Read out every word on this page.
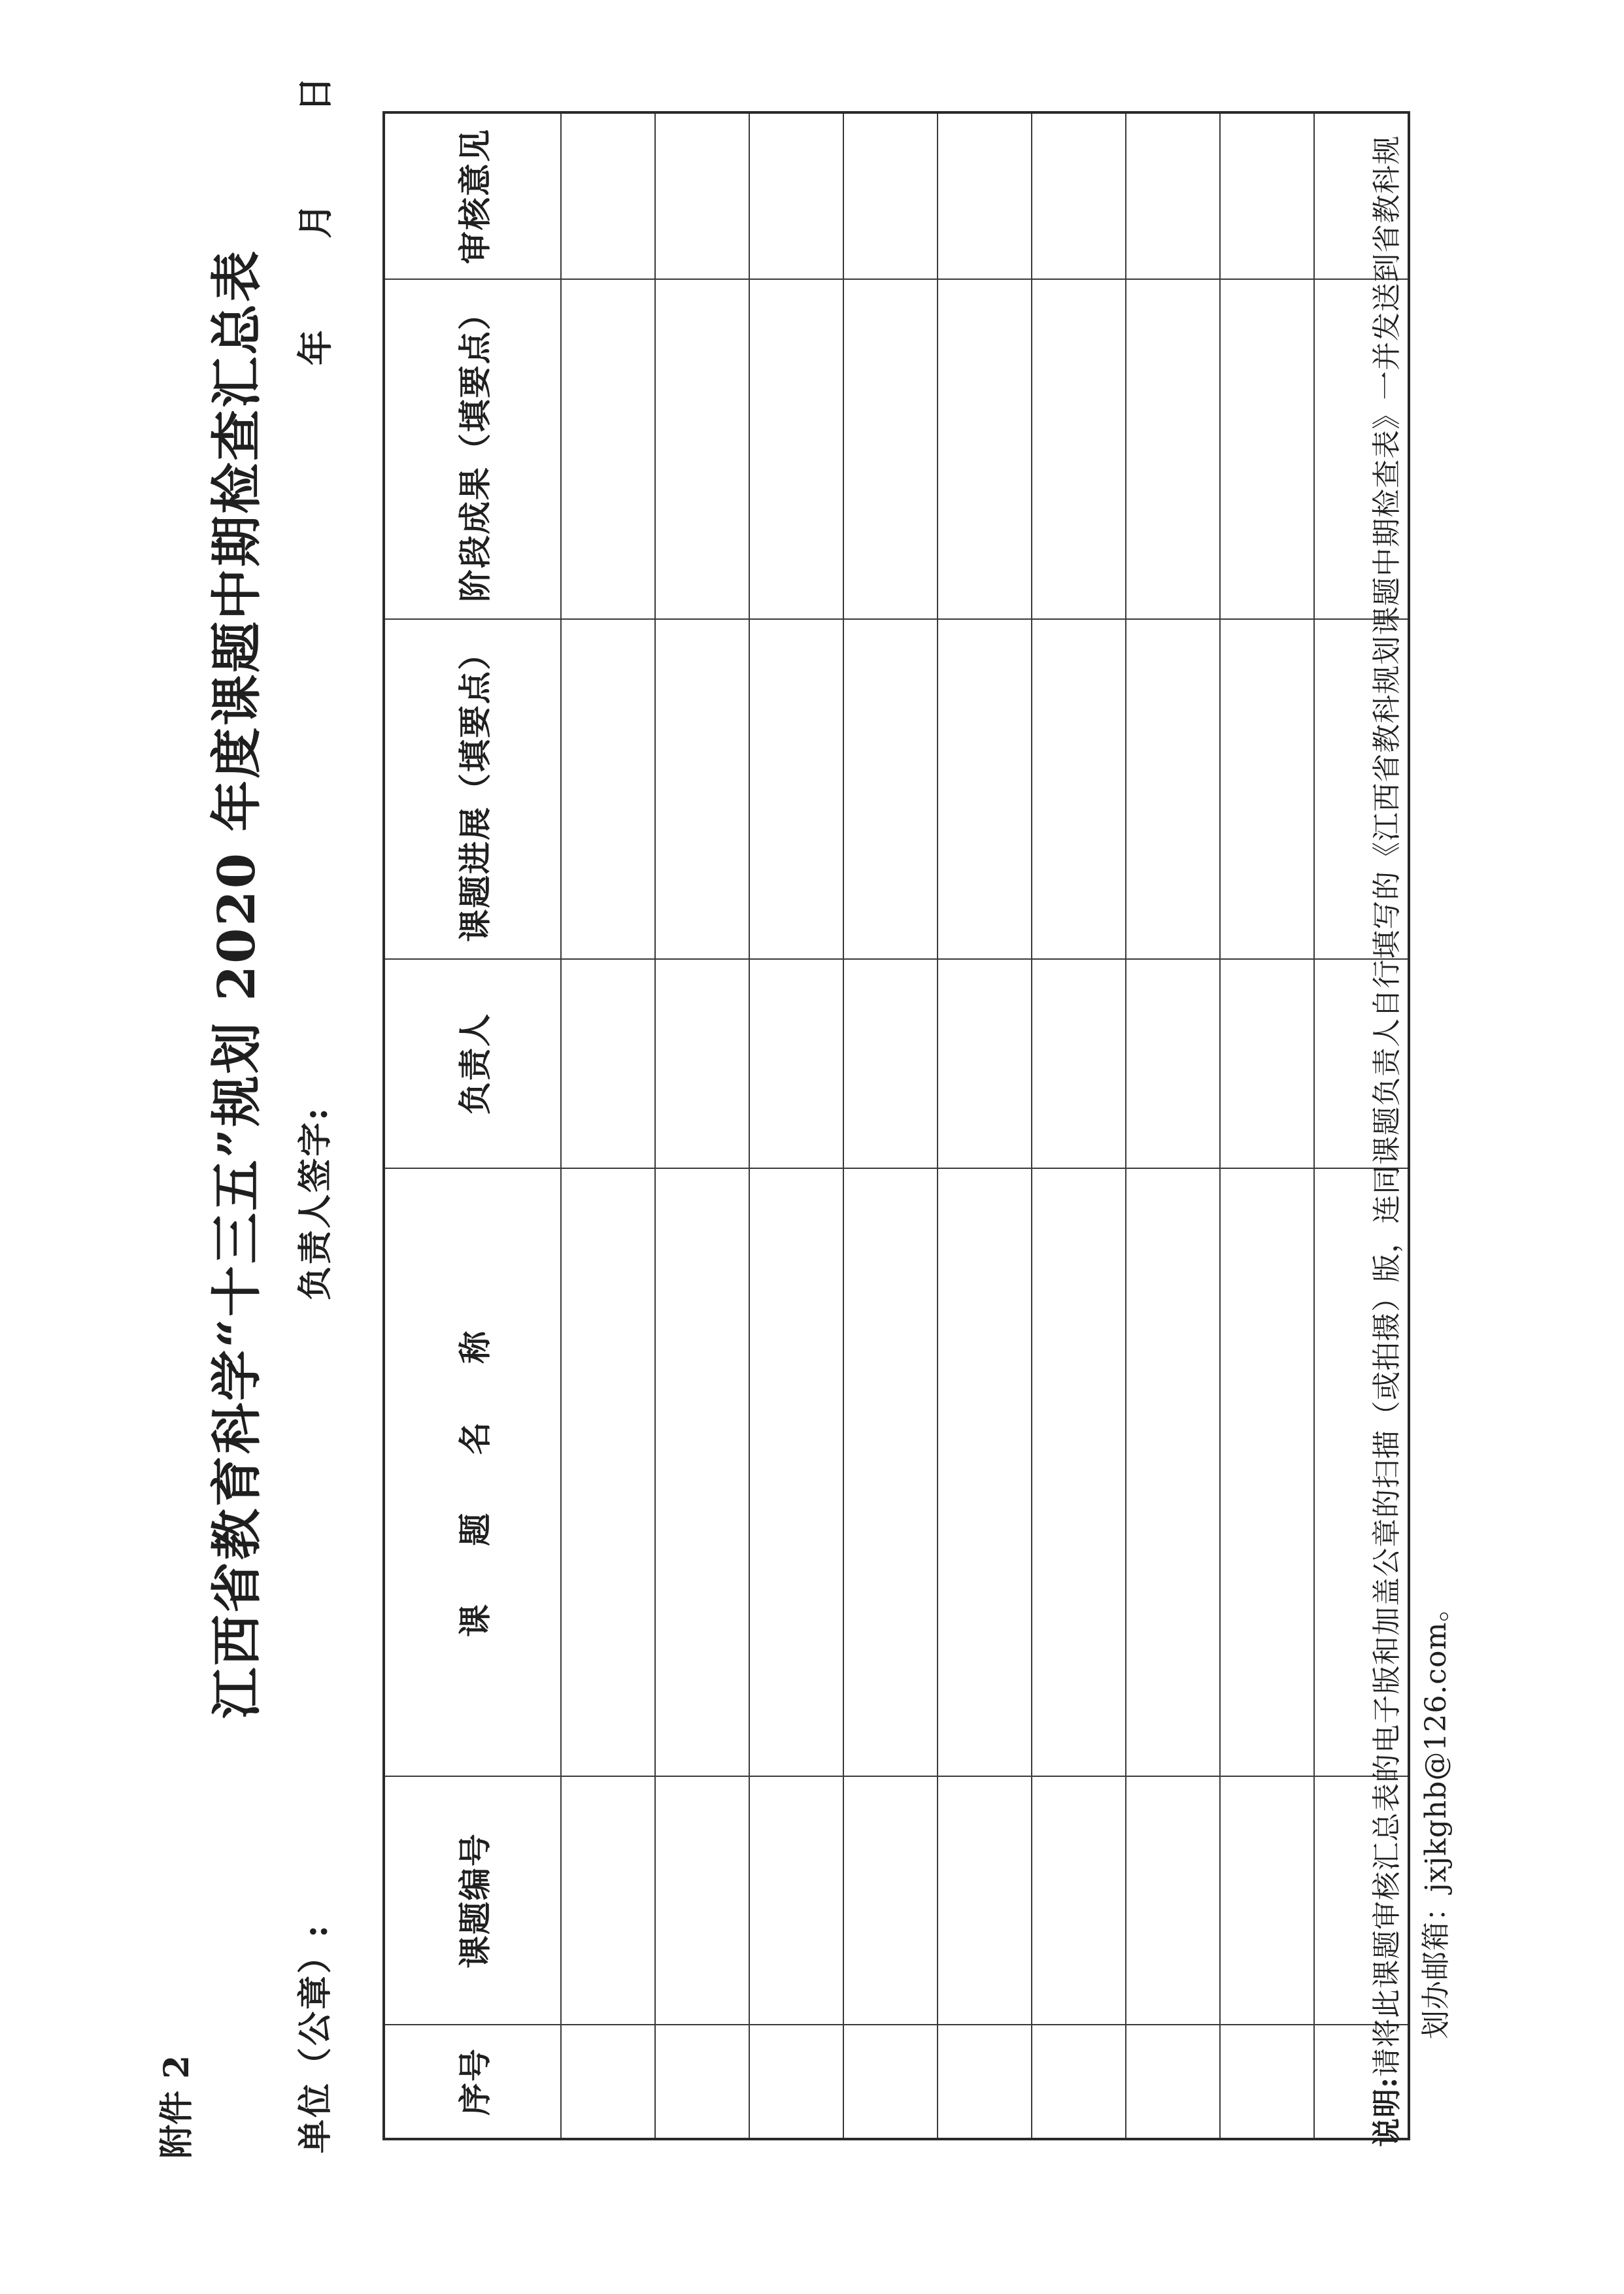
附件 2
江西省教育科学“十三五”规划 2020 年度课题中期检查汇总表
单位（公章）:
负责人签字:
年月日
序号	课题编号	课 题 名 称	负责人	课题进展（填要点）	阶段成果（填要点）	审核意见

说明:请将此课题审核汇总表的电子版和加盖公章的扫描（或拍摄）版，连同课题负责人自行填写的《江西省教科规划课题中期检查表》一并发送到省教科规 划办邮箱：jxjkghb@126.com。
